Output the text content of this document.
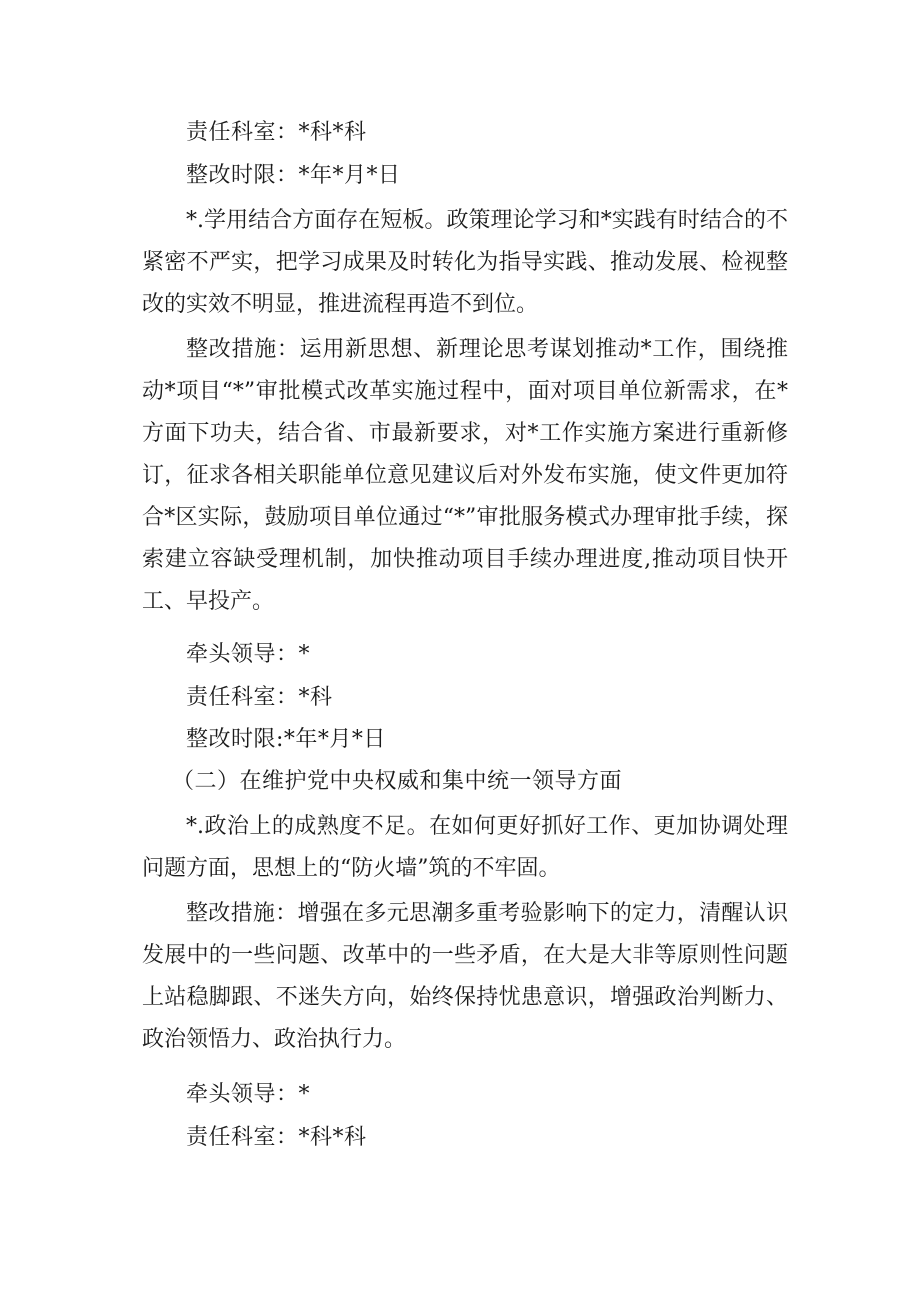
责任科室：*科*科
整改时限：*年*月*日
*.学用结合方面存在短板。政策理论学习和*实践有时结合的不紧密不严实，把学习成果及时转化为指导实践、推动发展、检视整改的实效不明显，推进流程再造不到位。
整改措施：运用新思想、新理论思考谋划推动*工作，围绕推动*项目“*”审批模式改革实施过程中，面对项目单位新需求，在*方面下功夫，结合省、市最新要求，对*工作实施方案进行重新修订，征求各相关职能单位意见建议后对外发布实施，使文件更加符合*区实际，鼓励项目单位通过“*”审批服务模式办理审批手续，探索建立容缺受理机制，加快推动项目手续办理进度,推动项目快开工、早投产。
牵头领导：*
责任科室：*科
整改时限:*年*月*日
（二）在维护党中央权威和集中统一领导方面
*.政治上的成熟度不足。在如何更好抓好工作、更加协调处理问题方面，思想上的“防火墙”筑的不牢固。
整改措施：增强在多元思潮多重考验影响下的定力，清醒认识发展中的一些问题、改革中的一些矛盾，在大是大非等原则性问题上站稳脚跟、不迷失方向，始终保持忧患意识，增强政治判断力、政治领悟力、政治执行力。
牵头领导：*
责任科室：*科*科
